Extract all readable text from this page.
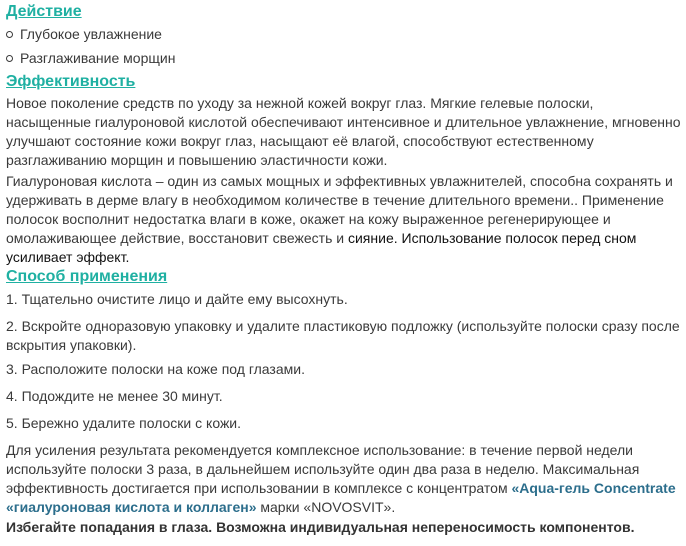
Действие
Глубокое увлажнение
Разглаживание морщин
Эффективность

Новое поколение средств по уходу за нежной кожей вокруг глаз. Мягкие гелевые полоски, насыщенные гиалуроновой кислотой обеспечивают интенсивное и длительное увлажнение, мгновенно улучшают состояние кожи вокруг глаз, насыщают её влагой, способствуют естественному разглаживанию морщин и повышению эластичности кожи.

Гиалуроновая кислота – один из самых мощных и эффективных увлажнителей, способна сохранять и удерживать в дерме влагу в необходимом количестве в течение длительного времени.. Применение полосок восполнит недостатка влаги в коже, окажет на кожу выраженное регенерирующее и омолаживающее действие, восстановит свежесть и сияние. Использование полосок перед сном усиливает эффект.

Способ применения

1. Тщательно очистите лицо и дайте ему высохнуть.

2. Вскройте одноразовую упаковку и удалите пластиковую подложку (используйте полоски сразу после вскрытия упаковки).

3. Расположите полоски на коже под глазами.

4. Подождите не менее 30 минут.

5. Бережно удалите полоски с кожи.

Для усиления результата рекомендуется комплексное использование: в течение первой недели используйте полоски 3 раза, в дальнейшем используйте один два раза в неделю. Максимальная эффективность достигается при использовании в комплексе с концентратом «Aqua-гель Concentrate «гиалуроновая кислота и коллаген» марки «NOVOSVIT».

Избегайте попадания в глаза. Возможна индивидуальная непереносимость компонентов.
